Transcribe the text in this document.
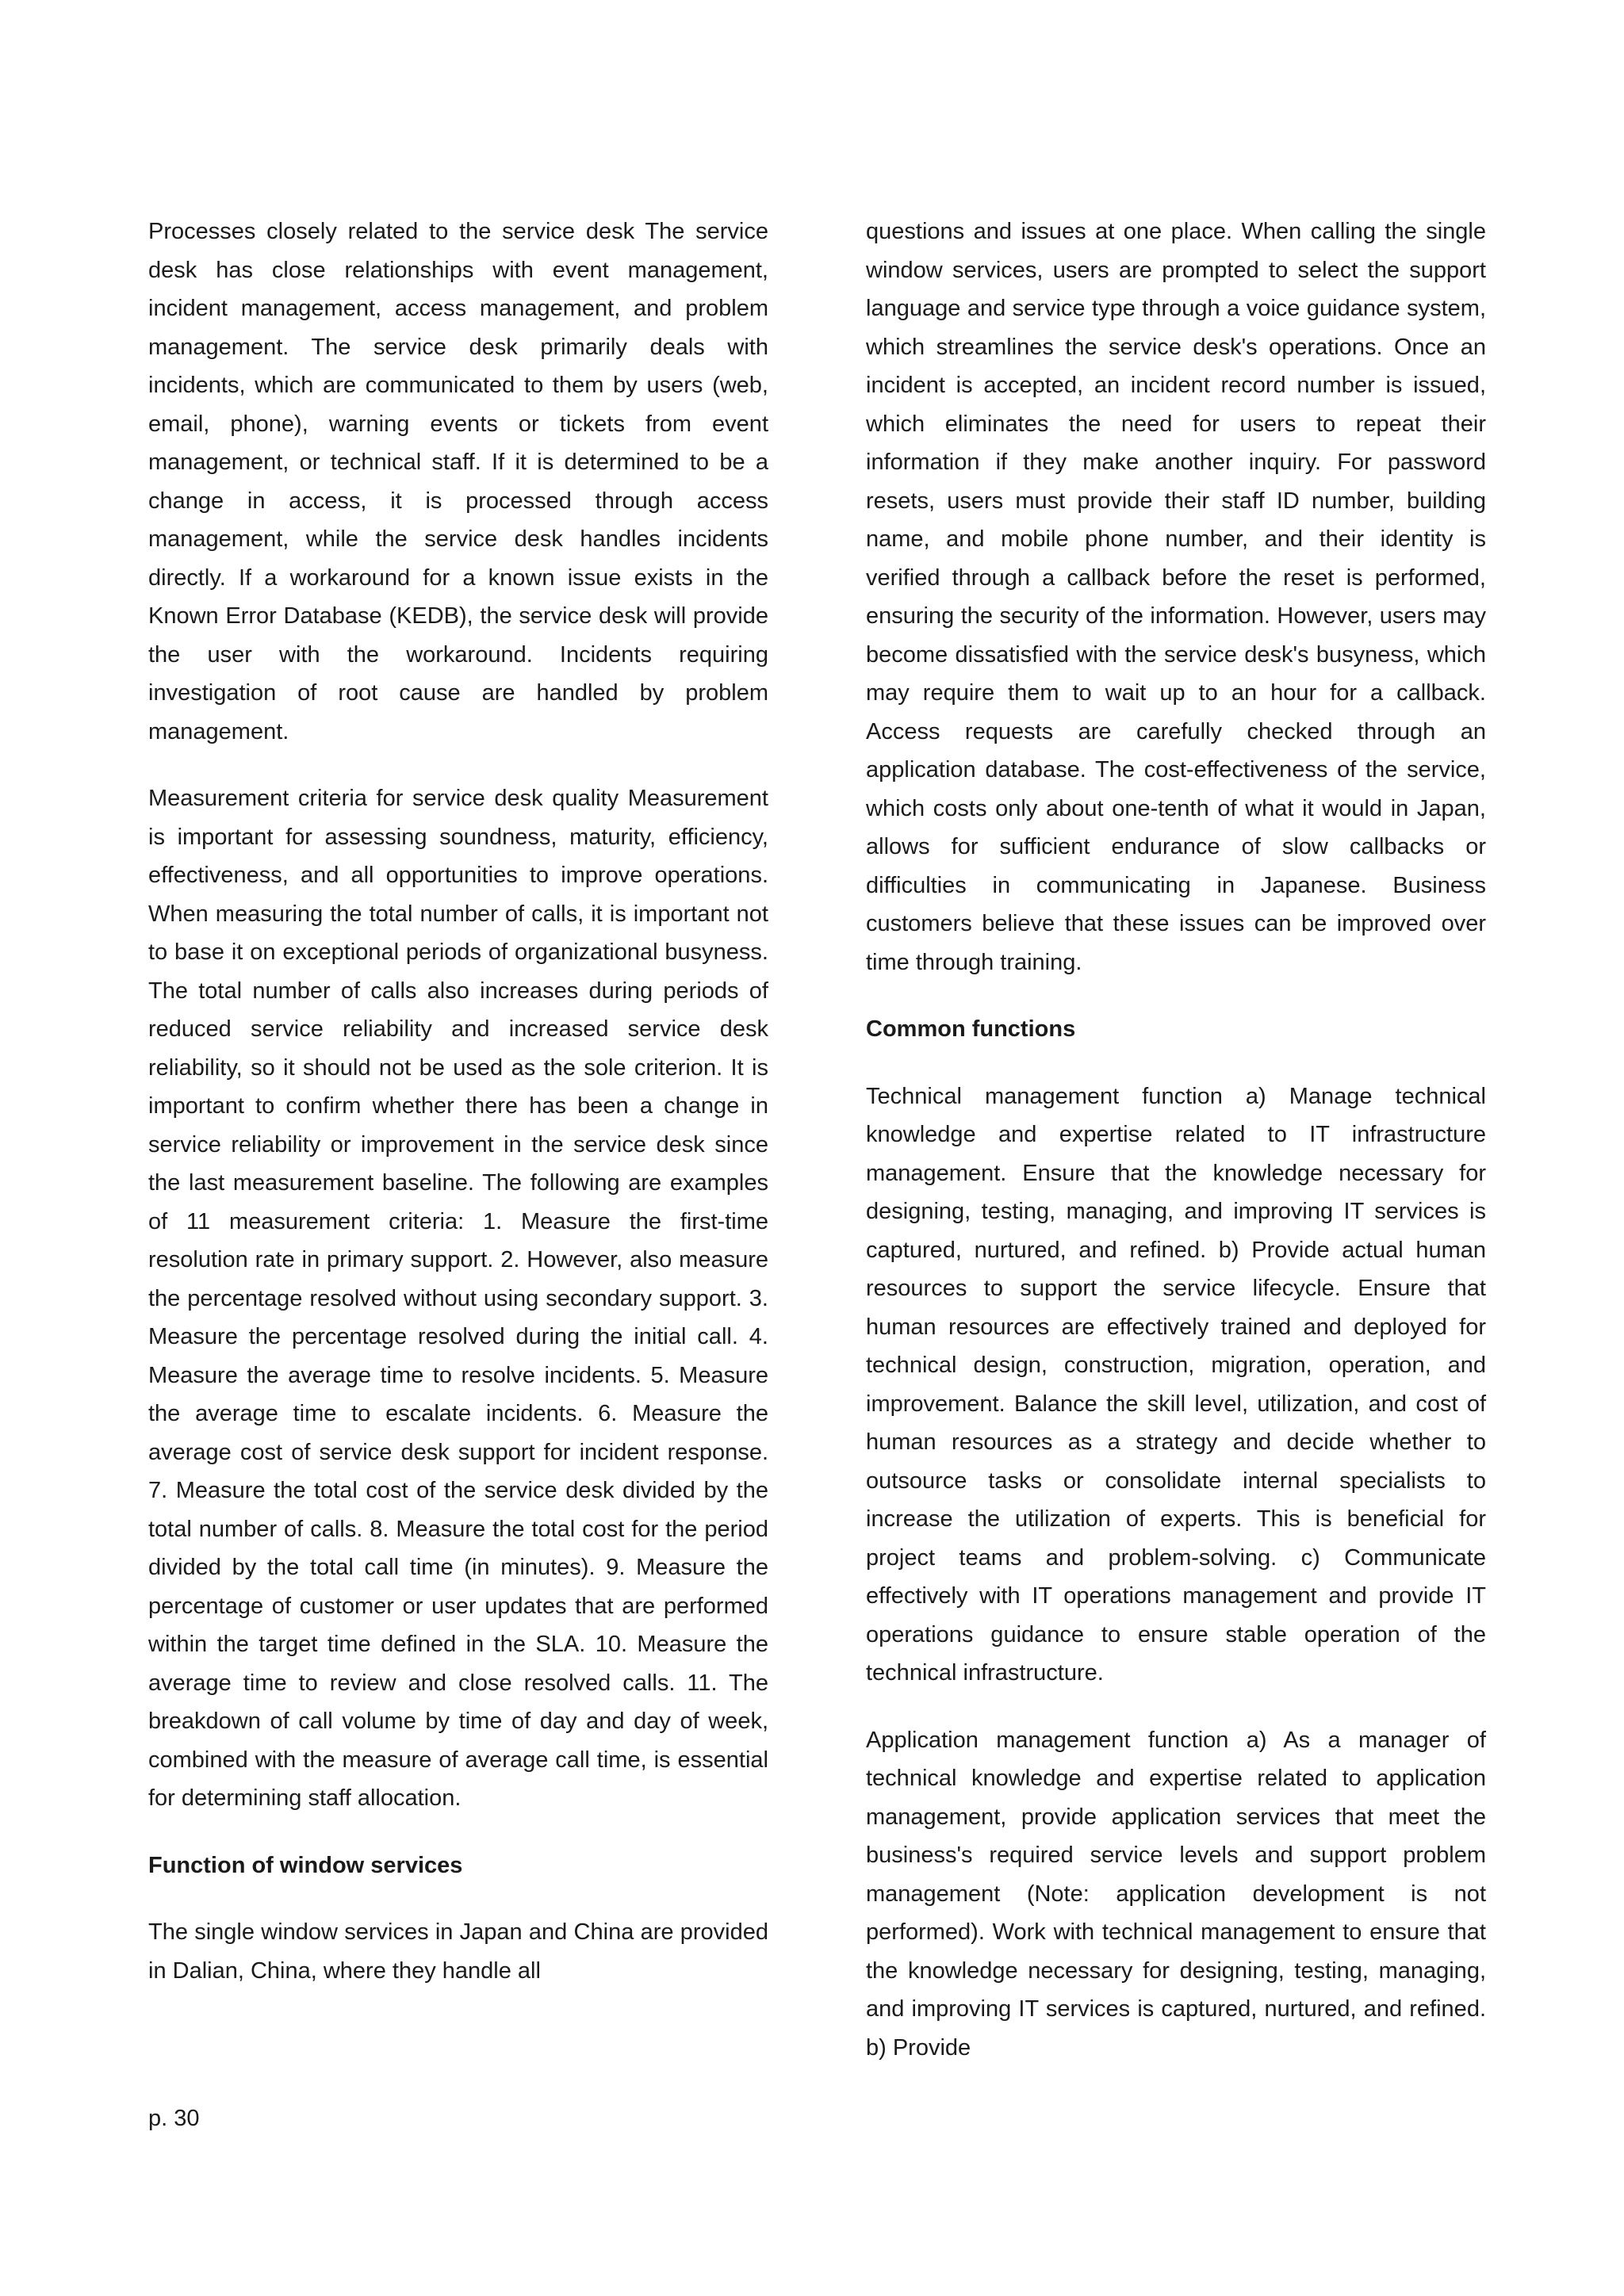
Processes closely related to the service desk The service desk has close relationships with event management, incident management, access management, and problem management. The service desk primarily deals with incidents, which are communicated to them by users (web, email, phone), warning events or tickets from event management, or technical staff. If it is determined to be a change in access, it is processed through access management, while the service desk handles incidents directly. If a workaround for a known issue exists in the Known Error Database (KEDB), the service desk will provide the user with the workaround. Incidents requiring investigation of root cause are handled by problem management.

Measurement criteria for service desk quality Measurement is important for assessing soundness, maturity, efficiency, effectiveness, and all opportunities to improve operations. When measuring the total number of calls, it is important not to base it on exceptional periods of organizational busyness. The total number of calls also increases during periods of reduced service reliability and increased service desk reliability, so it should not be used as the sole criterion. It is important to confirm whether there has been a change in service reliability or improvement in the service desk since the last measurement baseline. The following are examples of 11 measurement criteria: 1. Measure the first-time resolution rate in primary support. 2. However, also measure the percentage resolved without using secondary support. 3. Measure the percentage resolved during the initial call. 4. Measure the average time to resolve incidents. 5. Measure the average time to escalate incidents. 6. Measure the average cost of service desk support for incident response. 7. Measure the total cost of the service desk divided by the total number of calls. 8. Measure the total cost for the period divided by the total call time (in minutes). 9. Measure the percentage of customer or user updates that are performed within the target time defined in the SLA. 10. Measure the average time to review and close resolved calls. 11. The breakdown of call volume by time of day and day of week, combined with the measure of average call time, is essential for determining staff allocation.

Function of window services

The single window services in Japan and China are provided in Dalian, China, where they handle all

questions and issues at one place. When calling the single window services, users are prompted to select the support language and service type through a voice guidance system, which streamlines the service desk's operations. Once an incident is accepted, an incident record number is issued, which eliminates the need for users to repeat their information if they make another inquiry. For password resets, users must provide their staff ID number, building name, and mobile phone number, and their identity is verified through a callback before the reset is performed, ensuring the security of the information. However, users may become dissatisfied with the service desk's busyness, which may require them to wait up to an hour for a callback. Access requests are carefully checked through an application database. The cost-effectiveness of the service, which costs only about one-tenth of what it would in Japan, allows for sufficient endurance of slow callbacks or difficulties in communicating in Japanese. Business customers believe that these issues can be improved over time through training.

Common functions

Technical management function a) Manage technical knowledge and expertise related to IT infrastructure management. Ensure that the knowledge necessary for designing, testing, managing, and improving IT services is captured, nurtured, and refined. b) Provide actual human resources to support the service lifecycle. Ensure that human resources are effectively trained and deployed for technical design, construction, migration, operation, and improvement. Balance the skill level, utilization, and cost of human resources as a strategy and decide whether to outsource tasks or consolidate internal specialists to increase the utilization of experts. This is beneficial for project teams and problem-solving. c) Communicate effectively with IT operations management and provide IT operations guidance to ensure stable operation of the technical infrastructure.

Application management function a) As a manager of technical knowledge and expertise related to application management, provide application services that meet the business's required service levels and support problem management (Note: application development is not performed). Work with technical management to ensure that the knowledge necessary for designing, testing, managing, and improving IT services is captured, nurtured, and refined. b) Provide

p. 30
